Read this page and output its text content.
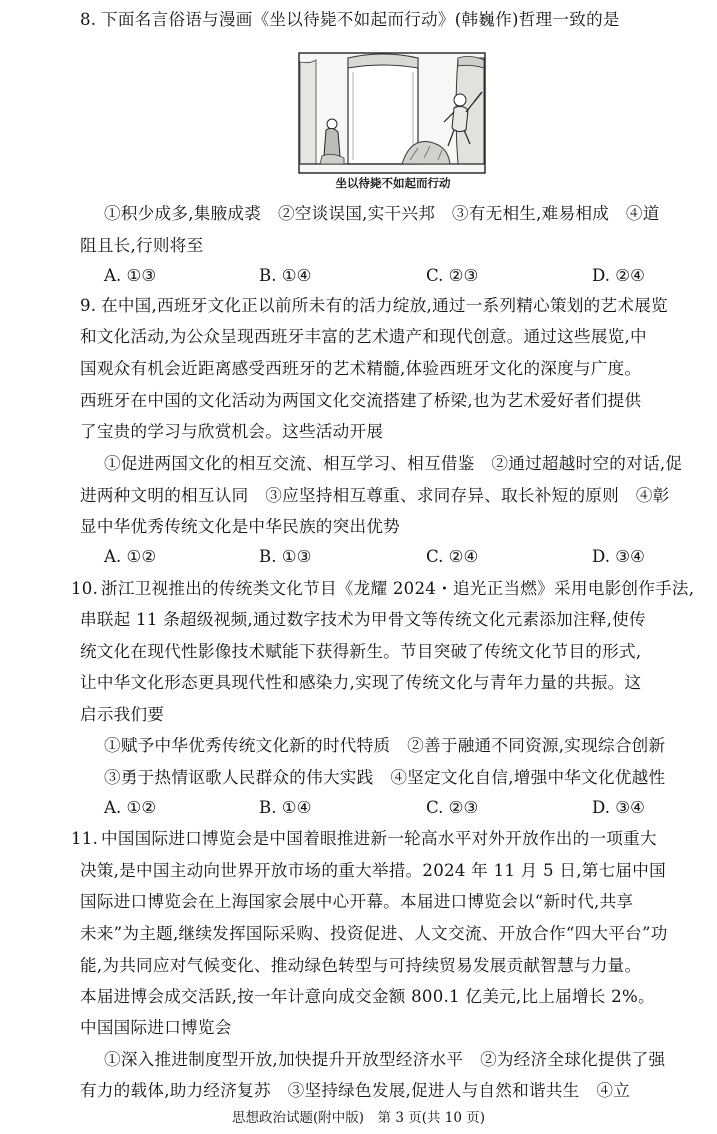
8. 下面名言俗语与漫画《坐以待毙不如起而行动》(韩巍作)哲理一致的是
坐以待毙不如起而行动
①积少成多,集腋成裘　②空谈误国,实干兴邦　③有无相生,难易相成　④道
阻且长,行则将至
A. ①③	B. ①④	C. ②③	D. ②④
9. 在中国,西班牙文化正以前所未有的活力绽放,通过一系列精心策划的艺术展览
和文化活动,为公众呈现西班牙丰富的艺术遗产和现代创意。通过这些展览,中
国观众有机会近距离感受西班牙的艺术精髓,体验西班牙文化的深度与广度。
西班牙在中国的文化活动为两国文化交流搭建了桥梁,也为艺术爱好者们提供
了宝贵的学习与欣赏机会。这些活动开展
①促进两国文化的相互交流、相互学习、相互借鉴　②通过超越时空的对话,促
进两种文明的相互认同　③应坚持相互尊重、求同存异、取长补短的原则　④彰
显中华优秀传统文化是中华民族的突出优势
A. ①②	B. ①③	C. ②④	D. ③④
10. 浙江卫视推出的传统类文化节目《龙耀 2024・追光正当燃》采用电影创作手法,
串联起 11 条超级视频,通过数字技术为甲骨文等传统文化元素添加注释,使传
统文化在现代性影像技术赋能下获得新生。节目突破了传统文化节目的形式,
让中华文化形态更具现代性和感染力,实现了传统文化与青年力量的共振。这
启示我们要
①赋予中华优秀传统文化新的时代特质　②善于融通不同资源,实现综合创新
③勇于热情讴歌人民群众的伟大实践　④坚定文化自信,增强中华文化优越性
A. ①②	B. ①④	C. ②③	D. ③④
11. 中国国际进口博览会是中国着眼推进新一轮高水平对外开放作出的一项重大
决策,是中国主动向世界开放市场的重大举措。2024 年 11 月 5 日,第七届中国
国际进口博览会在上海国家会展中心开幕。本届进口博览会以“新时代,共享
未来”为主题,继续发挥国际采购、投资促进、人文交流、开放合作“四大平台”功
能,为共同应对气候变化、推动绿色转型与可持续贸易发展贡献智慧与力量。
本届进博会成交活跃,按一年计意向成交金额 800.1 亿美元,比上届增长 2%。
中国国际进口博览会
①深入推进制度型开放,加快提升开放型经济水平　②为经济全球化提供了强
有力的载体,助力经济复苏　③坚持绿色发展,促进人与自然和谐共生　④立
思想政治试题(附中版)　第 3 页(共 10 页)
